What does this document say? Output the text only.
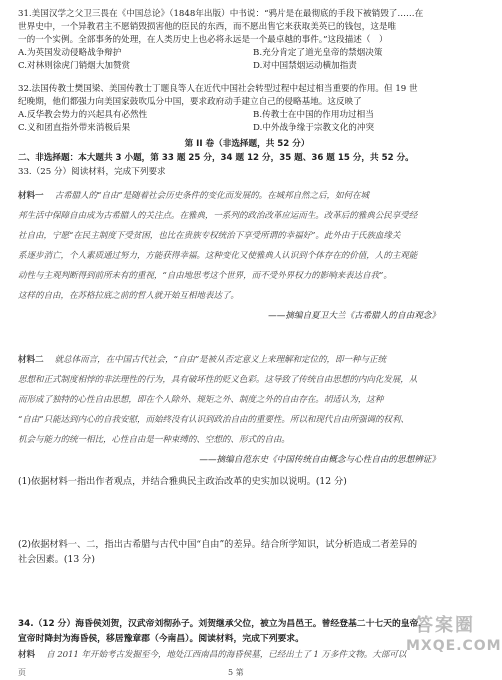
31.美国汉学之父卫三畏在《中国总论》（1848年出版）中书说：“鸦片是在最彻底的手段下被销毁了……在
世界史中，一个异教君主不愿销毁损害他的臣民的东西，而不愿出售它来获取美英已的钱包，这是唯
一的一个实例。全部事务的处理，在人类历史上也必将永远是一个最卓越的事件。”这段描述（　）
A.为英国发动侵略战争辩护	B.充分肯定了道光皇帝的禁烟决策
C.对林则徐虎门销烟大加赞赏	D.对中国禁烟运动横加指责
32.法国传教士樊国梁、美国传教士丁题良等人在近代中国社会转型过程中起过相当重要的作用。但 19 世
纪晚期，他们都强力向美国家鼓吹瓜分中国，要求政府动手建立自己的侵略基地。这反映了
A.反华教会势力的兴起具有必然性	B.传教士在中国的作用功过相当
C.义和团直指外带来消极后果	D.中外战争缘于宗教文化的冲突
第 II 卷（非选择题，共 52 分）
二、非选择题：本大题共 3 小题，第 33 题 25 分，34 题 12 分，35 题、36 题 15 分，共 52 分。
33.（25 分）阅读材料，完成下列要求
材料一　 古希腊人的“自由”是随着社会历史条件的变化而发展的。在城邦自然之后，如何在城
邦生活中保障自由成为古希腊人的关注点。在雅典，一系列的政治改革应运而生。改革后的雅典公民享受经
社自由，宁愿“在民主制度下受贫困，也比在贵族专权统治下享受所谓的幸福好”。此外由于氏族血缘关
系逐步消亡，个人素质通过努力，方能获得幸福。这种变化又使雅典人认识到个体存在的价值，人的主观能
动性与主观判断得到前所未有的重视，“自由地思考这个世界，而不受外界权力的影响来表达自我”。
这样的自由，在苏格拉底之前的哲人就开始互相地表达了。
——摘编自夏卫大兰《古希腊人的自由观念》
材料二　 就总体而言，在中国古代社会，“自由”是被从否定意义上来理解和定位的，即一种与正统
思想和正式制度相悖的非法理性的行为，具有破坏性的贬义色彩。这导致了传统自由思想的内向化发展，从
而形成了独特的心性自由思想，即在个人除外、规矩之外、制度之外的自由存在。胡适认为，这种
“自由”只能达到内心的自我安慰，而始终没有认识到政治自由的重要性。所以和现代自由所强调的权利、
机会与能力的统一相比，心性自由是一种束缚的、空想的、形式的自由。
——摘编自范东史《中国传统自由概念与心性自由的思想辨证》
(1)依据材料一指出作者观点，并结合雅典民主政治改革的史实加以说明。(12 分)
(2)依据材料一、二，指出古希腊与古代中国“自由”的差异。结合所学知识，试分析造成二者差异的
社会因素。(13 分)
34.（12 分）海昏侯刘贺，汉武帝刘彻孙子。刘贺继承父位，被立为昌邑王。曾经登基二十七天的皇帝，
宣帝时降封为海昏侯，移居豫章郡（今南昌）。阅读材料，完成下列要求。
材料　 自 2011 年开始考古发掘至今，地处江西南昌的海昏侯墓，已经出土了 1 万多件文物。大部可以
页	5 第
答案圈
MXQE.COM
